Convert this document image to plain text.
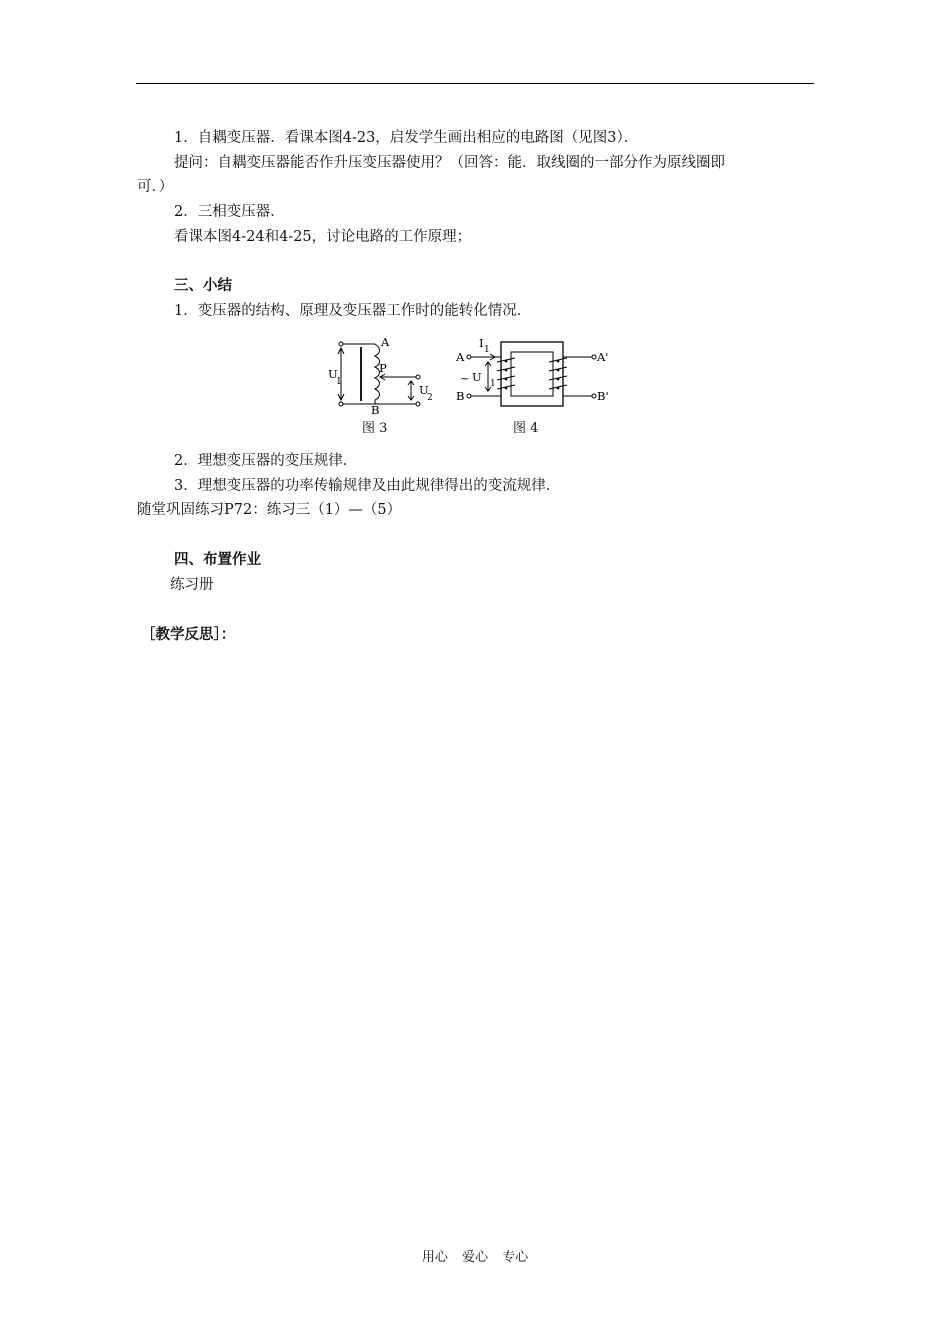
1．自耦变压器．看课本图4-23，启发学生画出相应的电路图（见图3）．
提问：自耦变压器能否作升压变压器使用？（回答：能．取线圈的一部分作为原线圈即
可．）
2．三相变压器．
看课本图4-24和4-25，讨论电路的工作原理；
三、小结
1．变压器的结构、原理及变压器工作时的能转化情况．
A
P
B
U
1
U
2
图 3
A
B
A'
B'
I 1
~ U 1
图 4
2．理想变压器的变压规律．
3．理想变压器的功率传输规律及由此规律得出的变流规律．
随堂巩固练习P72：练习三（1）—（5）
四、布置作业
练习册
［教学反思］：
用心 爱心 专心
